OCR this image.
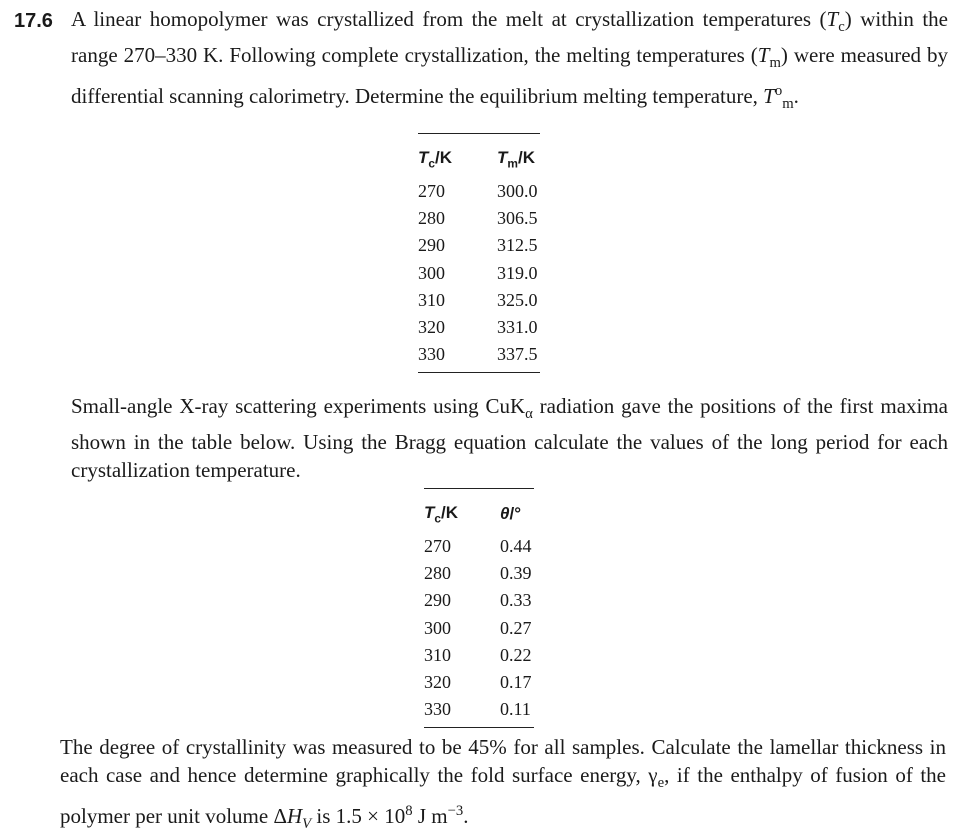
17.6 A linear homopolymer was crystallized from the melt at crystallization temperatures $(T_c)$ within the range 270–330 K. Following complete crystallization, the melting temperatures $(T_m)$ were measured by differential scanning calorimetry. Determine the equilibrium melting temperature, $T^o_m$.

$T_c/K$	$T_m/K$
270	300.0
280	306.5
290	312.5
300	319.0
310	325.0
320	331.0
330	337.5

Small-angle X-ray scattering experiments using CuK$_\alpha$ radiation gave the positions of the first maxima shown in the table below. Using the Bragg equation calculate the values of the long period for each crystallization temperature.

$T_c/K$	θ/°
270	0.44
280	0.39
290	0.33
300	0.27
310	0.22
320	0.17
330	0.11

The degree of crystallinity was measured to be 45% for all samples. Calculate the lamellar thickness in each case and hence determine graphically the fold surface energy, $\gamma_e$, if the enthalpy of fusion of the polymer per unit volume $\Delta H_V$ is $1.5 \times 10^8$ J $m^{-3}$.
